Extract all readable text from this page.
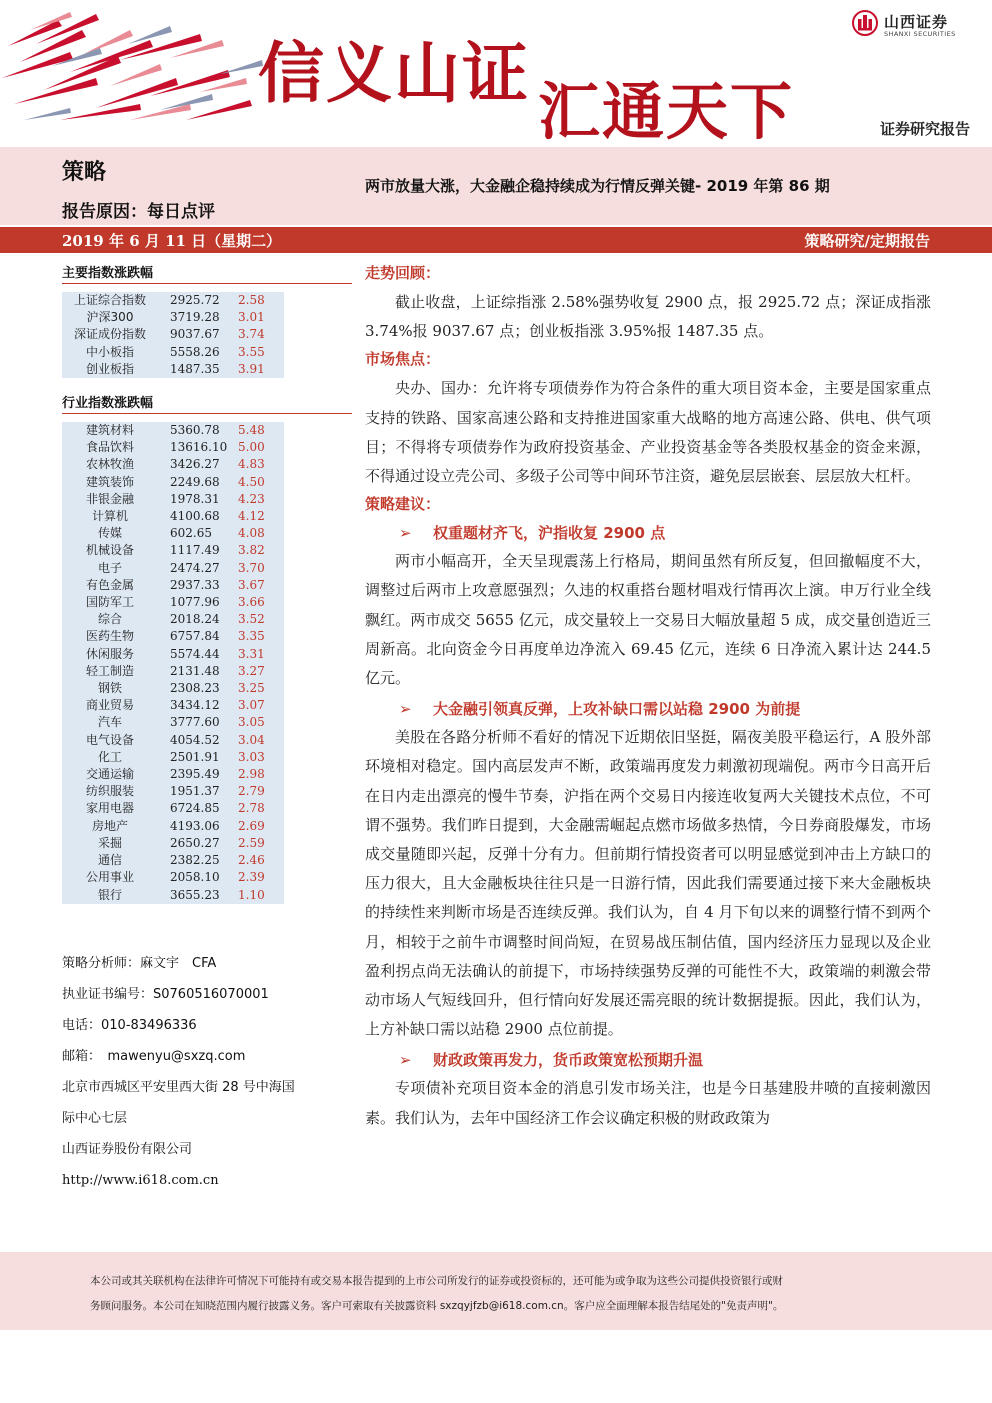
信义山证 汇通天下
山西证券
SHANXI SECURITIES
证券研究报告
策略
两市放量大涨，大金融企稳持续成为行情反弹关键- 2019 年第 86 期
报告原因：每日点评
2019 年 6 月 11 日（星期二）	策略研究/定期报告
主要指数涨跌幅
上证综合指数	2925.72	2.58
沪深300	3719.28	3.01
深证成份指数	9037.67	3.74
中小板指	5558.26	3.55
创业板指	1487.35	3.91
行业指数涨跌幅
建筑材料	5360.78	5.48
食品饮料	13616.10	5.00
农林牧渔	3426.27	4.83
建筑装饰	2249.68	4.50
非银金融	1978.31	4.23
计算机	4100.68	4.12
传媒	602.65	4.08
机械设备	1117.49	3.82
电子	2474.27	3.70
有色金属	2937.33	3.67
国防军工	1077.96	3.66
综合	2018.24	3.52
医药生物	6757.84	3.35
休闲服务	5574.44	3.31
轻工制造	2131.48	3.27
钢铁	2308.23	3.25
商业贸易	3434.12	3.07
汽车	3777.60	3.05
电气设备	4054.52	3.04
化工	2501.91	3.03
交通运输	2395.49	2.98
纺织服装	1951.37	2.79
家用电器	6724.85	2.78
房地产	4193.06	2.69
采掘	2650.27	2.59
通信	2382.25	2.46
公用事业	2058.10	2.39
银行	3655.23	1.10

策略分析师：麻文宇　CFA

执业证书编号：S0760516070001

电话：010-83496336

邮箱：　mawenyu@sxzq.com

北京市西城区平安里西大街 28 号中海国

际中心七层

山西证券股份有限公司

http://www.i618.com.cn

走势回顾：

截止收盘，上证综指涨 2.58%强势收复 2900 点，报 2925.72 点；深证成指涨 3.74%报 9037.67 点；创业板指涨 3.95%报 1487.35 点。

市场焦点：

央办、国办：允许将专项债券作为符合条件的重大项目资本金，主要是国家重点支持的铁路、国家高速公路和支持推进国家重大战略的地方高速公路、供电、供气项目；不得将专项债券作为政府投资基金、产业投资基金等各类股权基金的资金来源，不得通过设立壳公司、多级子公司等中间环节注资，避免层层嵌套、层层放大杠杆。

策略建议：
➢ 权重题材齐飞，沪指收复 2900 点

两市小幅高开，全天呈现震荡上行格局，期间虽然有所反复，但回撤幅度不大，调整过后两市上攻意愿强烈；久违的权重搭台题材唱戏行情再次上演。申万行业全线飘红。两市成交 5655 亿元，成交量较上一交易日大幅放量超 5 成，成交量创造近三周新高。北向资金今日再度单边净流入 69.45 亿元，连续 6 日净流入累计达 244.5 亿元。

➢ 大金融引领真反弹，上攻补缺口需以站稳 2900 为前提

美股在各路分析师不看好的情况下近期依旧坚挺，隔夜美股平稳运行，A 股外部环境相对稳定。国内高层发声不断，政策端再度发力刺激初现端倪。两市今日高开后在日内走出漂亮的慢牛节奏，沪指在两个交易日内接连收复两大关键技术点位，不可谓不强势。我们昨日提到，大金融需崛起点燃市场做多热情，今日券商股爆发，市场成交量随即兴起，反弹十分有力。但前期行情投资者可以明显感觉到冲击上方缺口的压力很大，且大金融板块往往只是一日游行情，因此我们需要通过接下来大金融板块的持续性来判断市场是否连续反弹。我们认为，自 4 月下旬以来的调整行情不到两个月，相较于之前牛市调整时间尚短，在贸易战压制估值，国内经济压力显现以及企业盈利拐点尚无法确认的前提下，市场持续强势反弹的可能性不大，政策端的刺激会带动市场人气短线回升，但行情向好发展还需亮眼的统计数据提振。因此，我们认为，上方补缺口需以站稳 2900 点位前提。

➢ 财政政策再发力，货币政策宽松预期升温

专项债补充项目资本金的消息引发市场关注，也是今日基建股井喷的直接刺激因素。我们认为，去年中国经济工作会议确定积极的财政政策为

本公司或其关联机构在法律许可情况下可能持有或交易本报告提到的上市公司所发行的证券或投资标的，还可能为或争取为这些公司提供投资银行或财

务顾问服务。本公司在知晓范围内履行披露义务。客户可索取有关披露资料 sxzqyjfzb@i618.com.cn。客户应全面理解本报告结尾处的"免责声明"。
